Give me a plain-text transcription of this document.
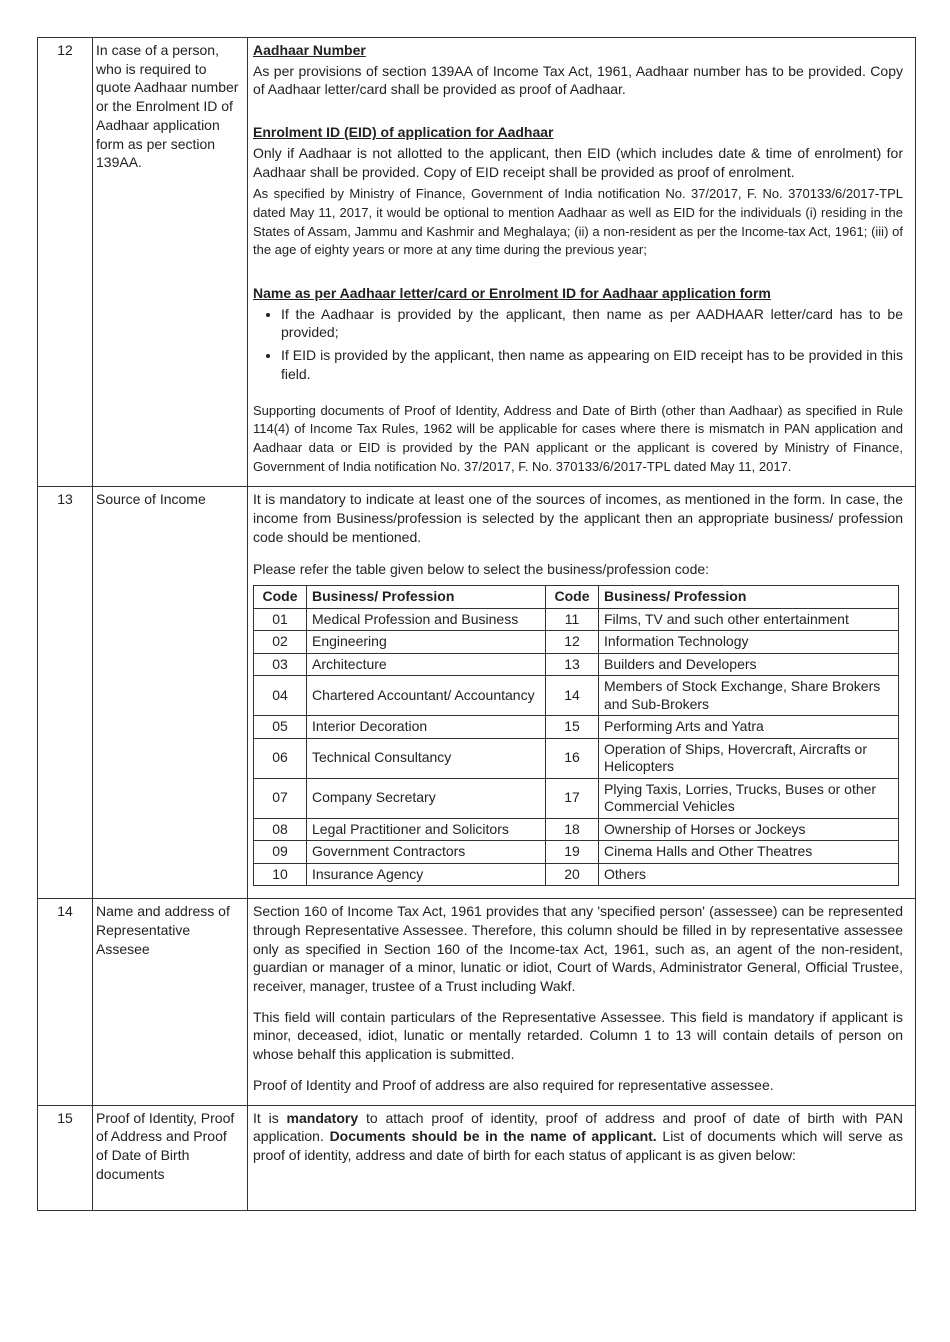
12	In case of a person, who is required to quote Aadhaar number or the Enrolment ID of Aadhaar application form as per section 139AA.	

Aadhaar Number

As per provisions of section 139AA of Income Tax Act, 1961, Aadhaar number has to be provided. Copy of Aadhaar letter/card shall be provided as proof of Aadhaar.

Enrolment ID (EID) of application for Aadhaar

Only if Aadhaar is not allotted to the applicant, then EID (which includes date & time of enrolment) for Aadhaar shall be provided. Copy of EID receipt shall be provided as proof of enrolment.

As specified by Ministry of Finance, Government of India notification No. 37/2017, F. No. 370133/6/2017-TPL dated May 11, 2017, it would be optional to mention Aadhaar as well as EID for the individuals (i) residing in the States of Assam, Jammu and Kashmir and Meghalaya; (ii) a non-resident as per the Income-tax Act, 1961; (iii) of the age of eighty years or more at any time during the previous year;

Name as per Aadhaar letter/card or Enrolment ID for Aadhaar application form

• If the Aadhaar is provided by the applicant, then name as per AADHAAR letter/card has to be provided;
• If EID is provided by the applicant, then name as appearing on EID receipt has to be provided in this field.

Supporting documents of Proof of Identity, Address and Date of Birth (other than Aadhaar) as specified in Rule 114(4) of Income Tax Rules, 1962 will be applicable for cases where there is mismatch in PAN application and Aadhaar data or EID is provided by the PAN applicant or the applicant is covered by Ministry of Finance, Government of India notification No. 37/2017, F. No. 370133/6/2017-TPL dated May 11, 2017.

13	Source of Income	It is mandatory to indicate at least one of the sources of incomes, as mentioned in the form. In case, the income from Business/profession is selected by the applicant then an appropriate business/ profession code should be mentioned.

Please refer the table given below to select the business/profession code:

Code	Business/ Profession	Code	Business/ Profession
01	Medical Profession and Business	11	Films, TV and such other entertainment
02	Engineering	12	Information Technology
03	Architecture	13	Builders and Developers
04	Chartered Accountant/ Accountancy	14	Members of Stock Exchange, Share Brokers and Sub-Brokers
05	Interior Decoration	15	Performing Arts and Yatra
06	Technical Consultancy	16	Operation of Ships, Hovercraft, Aircrafts or Helicopters
07	Company Secretary	17	Plying Taxis, Lorries, Trucks, Buses or other Commercial Vehicles
08	Legal Practitioner and Solicitors	18	Ownership of Horses or Jockeys
09	Government Contractors	19	Cinema Halls and Other Theatres
10	Insurance Agency	20	Others

14	Name and address of Representative Assesee	

Section 160 of Income Tax Act, 1961 provides that any 'specified person' (assessee) can be represented through Representative Assessee. Therefore, this column should be filled in by representative assessee only as specified in Section 160 of the Income-tax Act, 1961, such as, an agent of the non-resident, guardian or manager of a minor, lunatic or idiot, Court of Wards, Administrator General, Official Trustee, receiver, manager, trustee of a Trust including Wakf.

This field will contain particulars of the Representative Assessee. This field is mandatory if applicant is minor, deceased, idiot, lunatic or mentally retarded. Column 1 to 13 will contain details of person on whose behalf this application is submitted.

Proof of Identity and Proof of address are also required for representative assessee.

15	Proof of Identity, Proof of Address and Proof of Date of Birth documents	

It is mandatory to attach proof of identity, proof of address and proof of date of birth with PAN application. Documents should be in the name of applicant. List of documents which will serve as proof of identity, address and date of birth for each status of applicant is as given below:
